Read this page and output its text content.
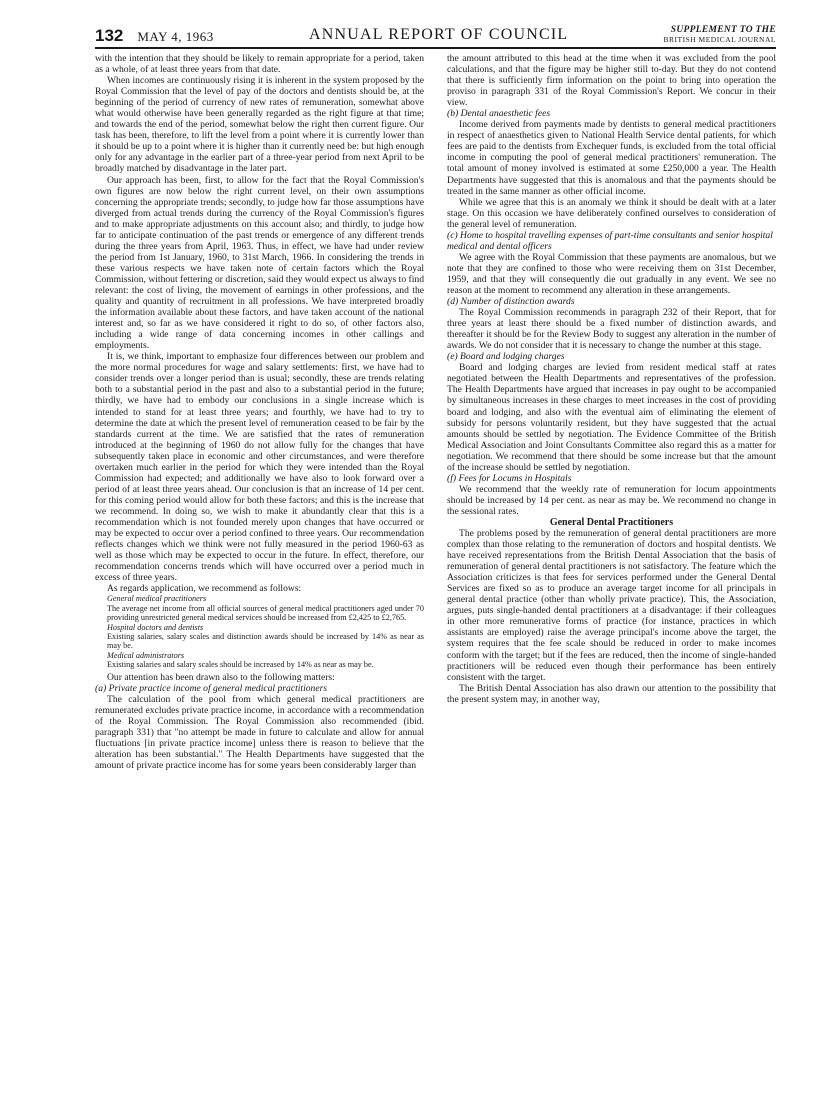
132 MAY 4, 1963	ANNUAL REPORT OF COUNCIL	SUPPLEMENT TO THE
BRITISH MEDICAL JOURNAL

with the intention that they should be likely to remain appropriate for a period, taken as a whole, of at least three years from that date.

When incomes are continuously rising it is inherent in the system proposed by the Royal Commission that the level of pay of the doctors and dentists should be, at the beginning of the period of currency of new rates of remuneration, somewhat above what would otherwise have been generally regarded as the right figure at that time; and towards the end of the period, somewhat below the right then current figure. Our task has been, therefore, to lift the level from a point where it is currently lower than it should be up to a point where it is higher than it currently need be: but high enough only for any advantage in the earlier part of a three-year period from next April to be broadly matched by disadvantage in the later part.

Our approach has been, first, to allow for the fact that the Royal Commission's own figures are now below the right current level, on their own assumptions concerning the appropriate trends; secondly, to judge how far those assumptions have diverged from actual trends during the currency of the Royal Commission's figures and to make appropriate adjustments on this account also; and thirdly, to judge how far to anticipate continuation of the past trends or emergence of any different trends during the three years from April, 1963. Thus, in effect, we have had under review the period from 1st January, 1960, to 31st March, 1966. In considering the trends in these various respects we have taken note of certain factors which the Royal Commission, without fettering or discretion, said they would expect us always to find relevant: the cost of living, the movement of earnings in other professions, and the quality and quantity of recruitment in all professions. We have interpreted broadly the information available about these factors, and have taken account of the national interest and, so far as we have considered it right to do so, of other factors also, including a wide range of data concerning incomes in other callings and employments.

It is, we think, important to emphasize four differences between our problem and the more normal procedures for wage and salary settlements: first, we have had to consider trends over a longer period than is usual; secondly, these are trends relating both to a substantial period in the past and also to a substantial period in the future; thirdly, we have had to embody our conclusions in a single increase which is intended to stand for at least three years; and fourthly, we have had to try to determine the date at which the present level of remuneration ceased to be fair by the standards current at the time. We are satisfied that the rates of remuneration introduced at the beginning of 1960 do not allow fully for the changes that have subsequently taken place in economic and other circumstances, and were therefore overtaken much earlier in the period for which they were intended than the Royal Commission had expected; and additionally we have also to look forward over a period of at least three years ahead. Our conclusion is that an increase of 14 per cent. for this coming period would allow for both these factors; and this is the increase that we recommend. In doing so, we wish to make it abundantly clear that this is a recommendation which is not founded merely upon changes that have occurred or may be expected to occur over a period confined to three years. Our recommendation reflects changes which we think were not fully measured in the period 1960-63 as well as those which may be expected to occur in the future. In effect, therefore, our recommendation concerns trends which will have occurred over a period much in excess of three years.

As regards application, we recommend as follows:

General medical practitioners

The average net income from all official sources of general medical practitioners aged under 70 providing unrestricted general medical services should be increased from £2,425 to £2,765.

Hospital doctors and dentists

Existing salaries, salary scales and distinction awards should be increased by 14% as near as may be.

Medical administrators

Existing salaries and salary scales should be increased by 14% as near as may be.

Our attention has been drawn also to the following matters:

(a) Private practice income of general medical practitioners

The calculation of the pool from which general medical practitioners are remunerated excludes private practice income, in accordance with a recommendation of the Royal Commission. The Royal Commission also recommended (ibid. paragraph 331) that "no attempt be made in future to calculate and allow for annual fluctuations [in private practice income] unless there is reason to believe that the alteration has been substantial." The Health Departments have suggested that the amount of private practice income has for some years been considerably larger than

the amount attributed to this head at the time when it was excluded from the pool calculations, and that the figure may be higher still to-day. But they do not contend that there is sufficiently firm information on the point to bring into operation the proviso in paragraph 331 of the Royal Commission's Report. We concur in their view.

(b) Dental anaesthetic fees

Income derived from payments made by dentists to general medical practitioners in respect of anaesthetics given to National Health Service dental patients, for which fees are paid to the dentists from Exchequer funds, is excluded from the total official income in computing the pool of general medical practitioners' remuneration. The total amount of money involved is estimated at some £250,000 a year. The Health Departments have suggested that this is anomalous and that the payments should be treated in the same manner as other official income.

While we agree that this is an anomaly we think it should be dealt with at a later stage. On this occasion we have deliberately confined ourselves to consideration of the general level of remuneration.

(c) Home to hospital travelling expenses of part-time consultants and senior hospital medical and dental officers

We agree with the Royal Commission that these payments are anomalous, but we note that they are confined to those who were receiving them on 31st December, 1959, and that they will consequently die out gradually in any event. We see no reason at the moment to recommend any alteration in these arrangements.

(d) Number of distinction awards

The Royal Commission recommends in paragraph 232 of their Report, that for three years at least there should be a fixed number of distinction awards, and thereafter it should be for the Review Body to suggest any alteration in the number of awards. We do not consider that it is necessary to change the number at this stage.

(e) Board and lodging charges

Board and lodging charges are levied from resident medical staff at rates negotiated between the Health Departments and representatives of the profession. The Health Departments have argued that increases in pay ought to be accompanied by simultaneous increases in these charges to meet increases in the cost of providing board and lodging, and also with the eventual aim of eliminating the element of subsidy for persons voluntarily resident, but they have suggested that the actual amounts should be settled by negotiation. The Evidence Committee of the British Medical Association and Joint Consultants Committee also regard this as a matter for negotiation. We recommend that there should be some increase but that the amount of the increase should be settled by negotiation.

(f) Fees for Locums in Hospitals

We recommend that the weekly rate of remuneration for locum appointments should be increased by 14 per cent. as near as may be. We recommend no change in the sessional rates.

General Dental Practitioners

The problems posed by the remuneration of general dental practitioners are more complex than those relating to the remuneration of doctors and hospital dentists. We have received representations from the British Dental Association that the basis of remuneration of general dental practitioners is not satisfactory. The feature which the Association criticizes is that fees for services performed under the General Dental Services are fixed so as to produce an average target income for all principals in general dental practice (other than wholly private practice). This, the Association, argues, puts single-handed dental practitioners at a disadvantage: if their colleagues in other more remunerative forms of practice (for instance, practices in which assistants are employed) raise the average principal's income above the target, the system requires that the fee scale should be reduced in order to make incomes conform with the target; but if the fees are reduced, then the income of single-handed practitioners will be reduced even though their performance has been entirely consistent with the target.

The British Dental Association has also drawn our attention to the possibility that the present system may, in another way,
